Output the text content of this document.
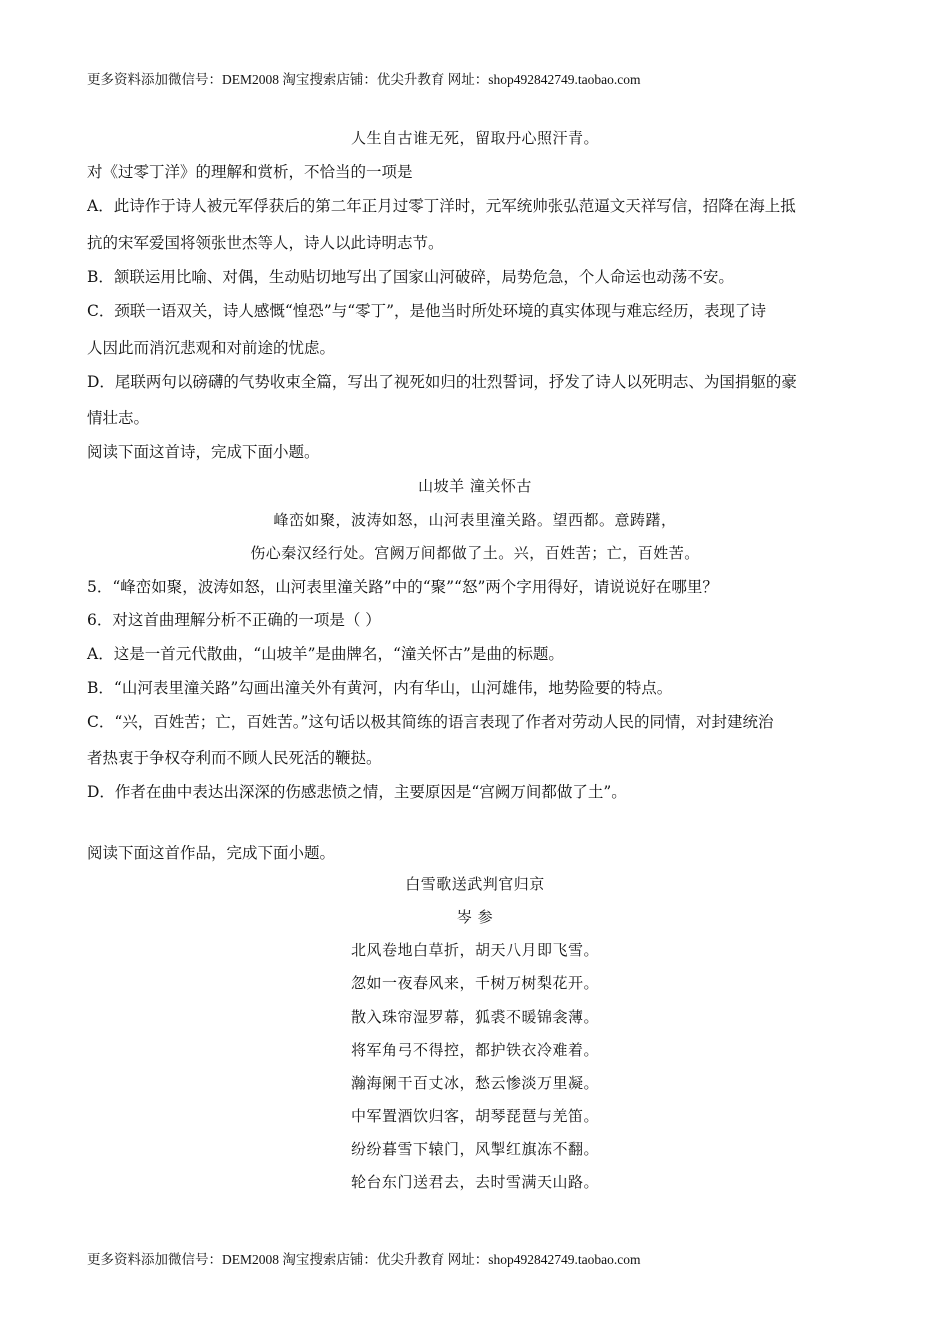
更多资料添加微信号：DEM2008 淘宝搜索店铺：优尖升教育 网址：shop492842749.taobao.com
人生自古谁无死，留取丹心照汗青。
对《过零丁洋》的理解和赏析，不恰当的一项是
A．此诗作于诗人被元军俘获后的第二年正月过零丁洋时，元军统帅张弘范逼文天祥写信，招降在海上抵
抗的宋军爱国将领张世杰等人，诗人以此诗明志节。
B．颔联运用比喻、对偶，生动贴切地写出了国家山河破碎，局势危急，个人命运也动荡不安。
C．颈联一语双关，诗人感慨“惶恐”与“零丁”，是他当时所处环境的真实体现与难忘经历，表现了诗
人因此而消沉悲观和对前途的忧虑。
D．尾联两句以磅礴的气势收束全篇，写出了视死如归的壮烈誓词，抒发了诗人以死明志、为国捐躯的豪
情壮志。
阅读下面这首诗，完成下面小题。
山坡羊 潼关怀古
峰峦如聚，波涛如怒，山河表里潼关路。望西都。意踌躇，
伤心秦汉经行处。宫阙万间都做了土。兴，百姓苦；亡，百姓苦。
5．“峰峦如聚，波涛如怒，山河表里潼关路”中的“聚”“怒”两个字用得好，请说说好在哪里？
6．对这首曲理解分析不正确的一项是（ ）
A．这是一首元代散曲，“山坡羊”是曲牌名，“潼关怀古”是曲的标题。
B．“山河表里潼关路”勾画出潼关外有黄河，内有华山，山河雄伟，地势险要的特点。
C．“兴，百姓苦；亡，百姓苦。”这句话以极其简练的语言表现了作者对劳动人民的同情，对封建统治
者热衷于争权夺利而不顾人民死活的鞭挞。
D．作者在曲中表达出深深的伤感悲愤之情，主要原因是“宫阙万间都做了土”。
阅读下面这首作品，完成下面小题。
白雪歌送武判官归京
岑 参
北风卷地白草折，胡天八月即飞雪。
忽如一夜春风来，千树万树梨花开。
散入珠帘湿罗幕，狐裘不暖锦衾薄。
将军角弓不得控，都护铁衣冷难着。
瀚海阑干百丈冰，愁云惨淡万里凝。
中军置酒饮归客，胡琴琵琶与羌笛。
纷纷暮雪下辕门，风掣红旗冻不翻。
轮台东门送君去，去时雪满天山路。
更多资料添加微信号：DEM2008 淘宝搜索店铺：优尖升教育 网址：shop492842749.taobao.com
